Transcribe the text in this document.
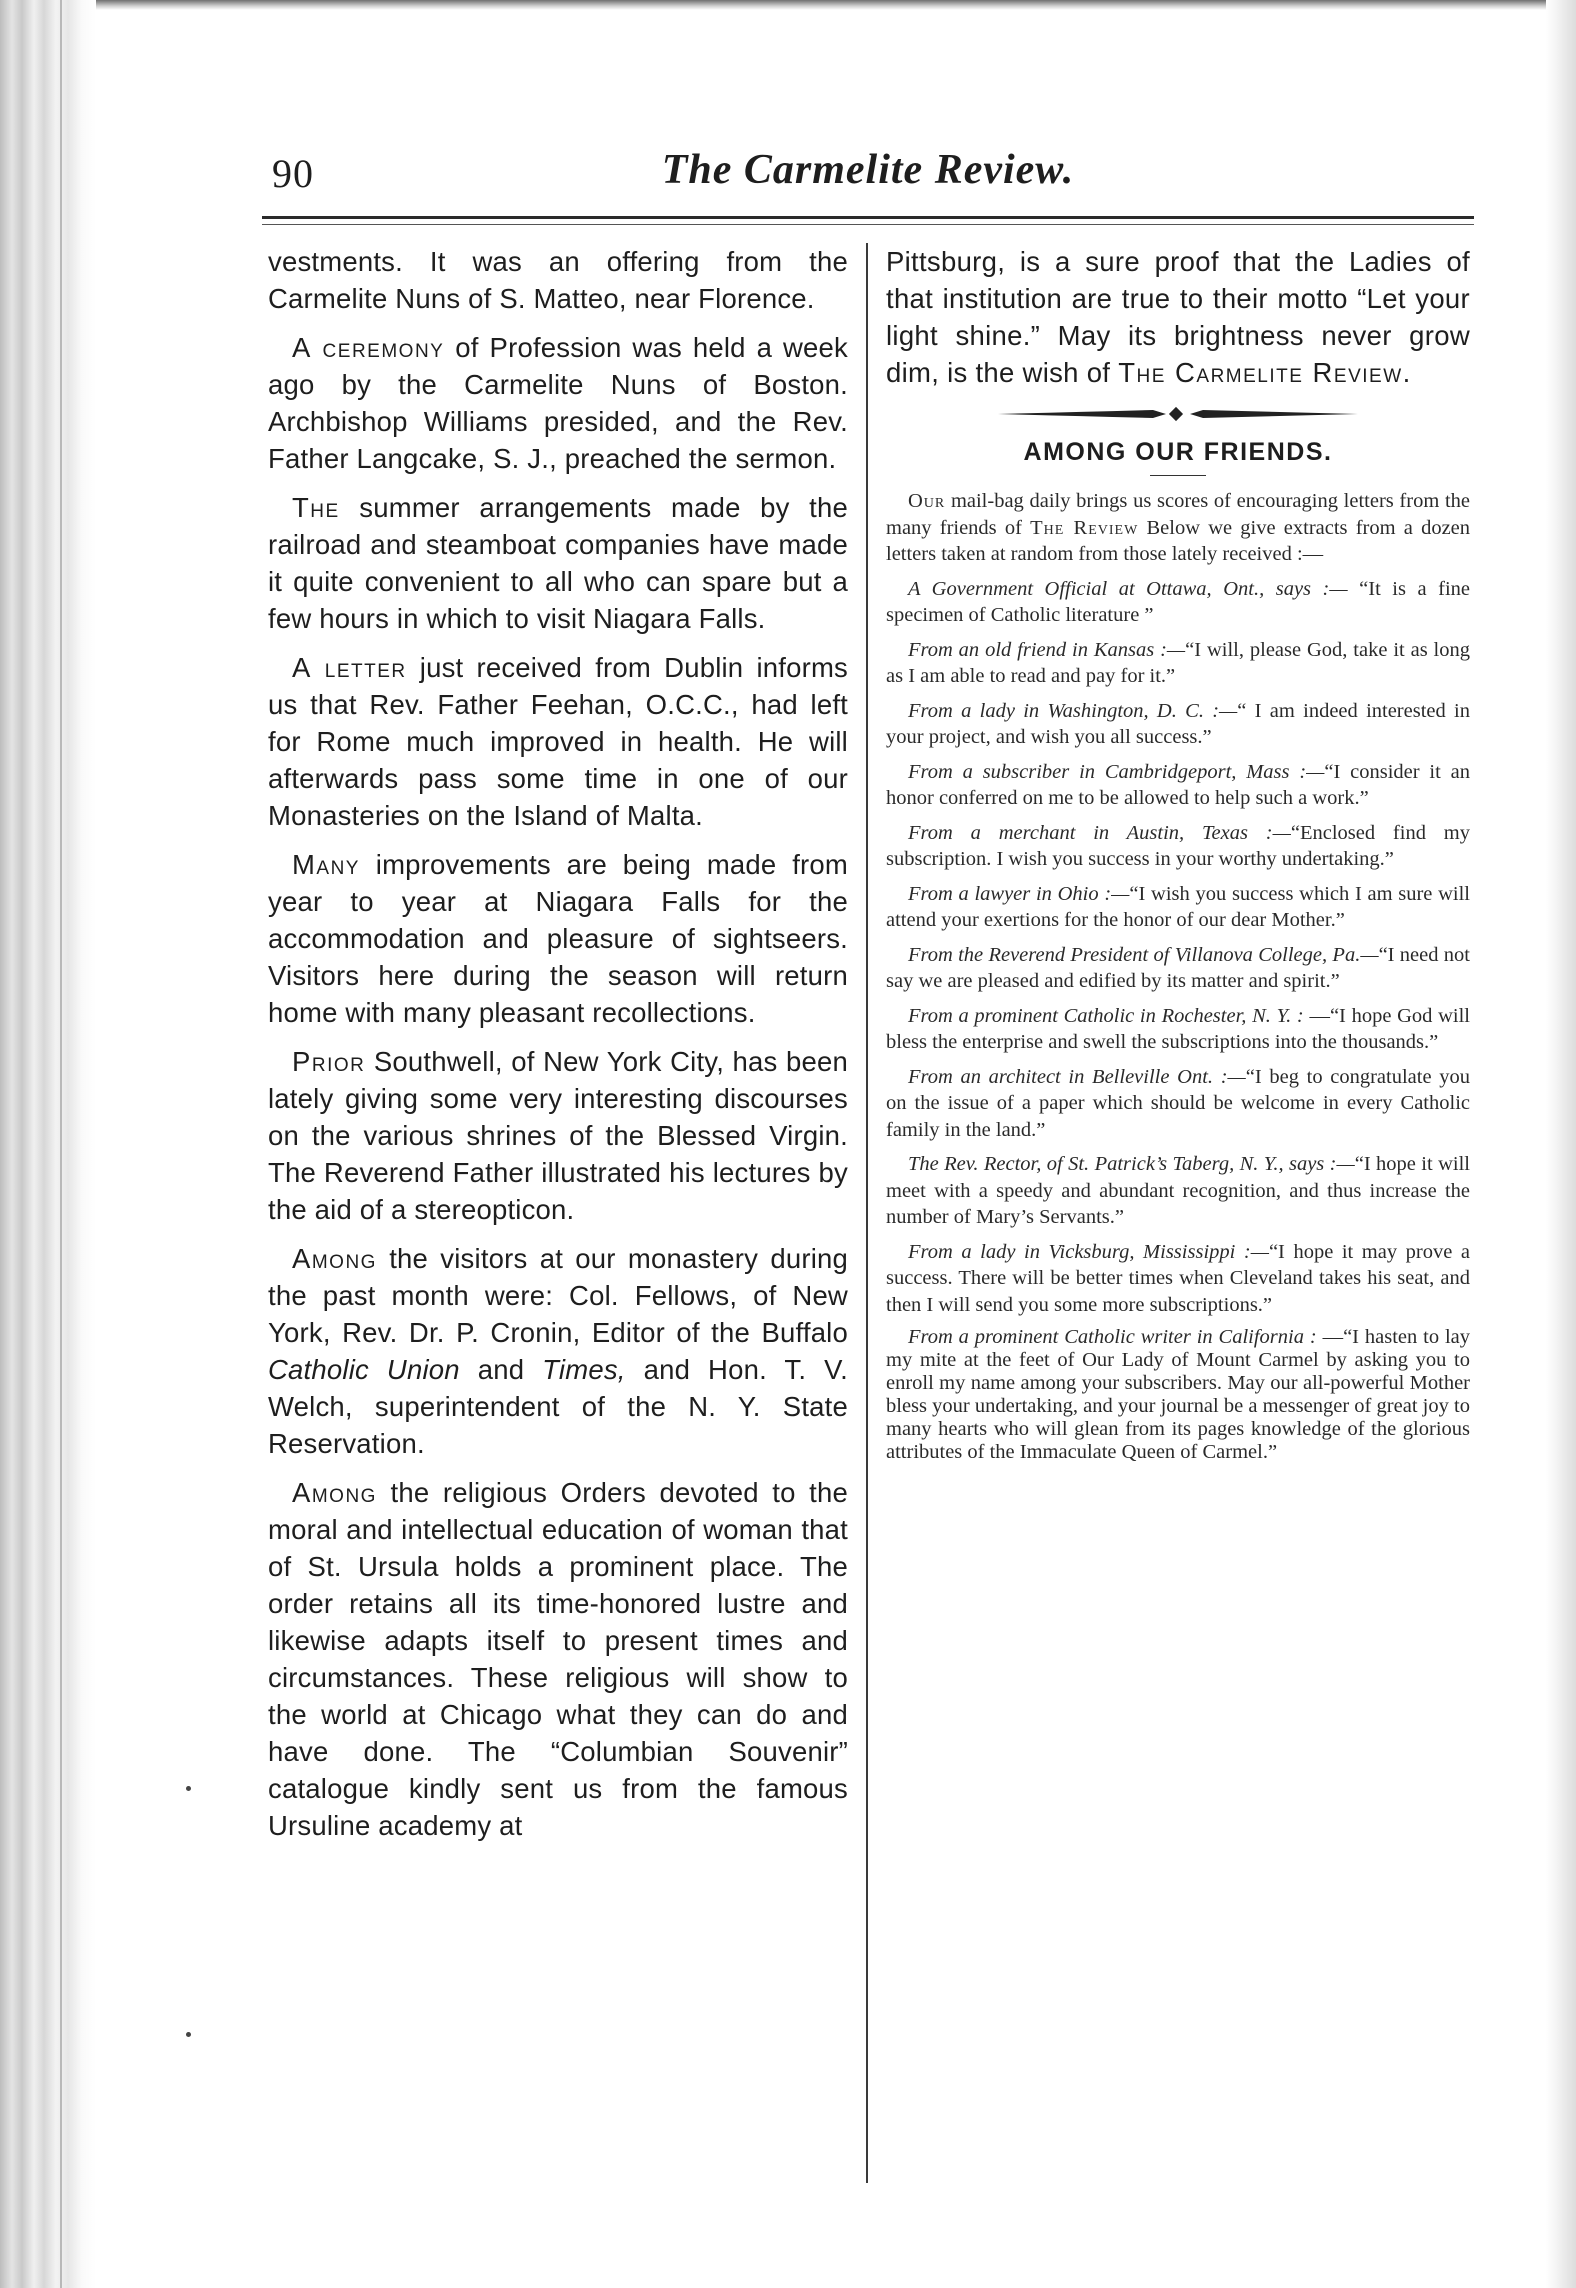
90	The Carmelite Review.

vestments. It was an offering from the Carmelite Nuns of S. Matteo, near Florence.

A ceremony of Profession was held a week ago by the Carmelite Nuns of Boston. Archbishop Williams presided, and the Rev. Father Langcake, S. J., preached the sermon.

The summer arrangements made by the railroad and steamboat companies have made it quite convenient to all who can spare but a few hours in which to visit Niagara Falls.

A letter just received from Dublin informs us that Rev. Father Feehan, O.C.C., had left for Rome much improved in health. He will afterwards pass some time in one of our Monasteries on the Island of Malta.

Many improvements are being made from year to year at Niagara Falls for the accommodation and pleasure of sightseers. Visitors here during the season will return home with many pleasant recollections.

Prior Southwell, of New York City, has been lately giving some very interesting discourses on the various shrines of the Blessed Virgin. The Reverend Father illustrated his lectures by the aid of a stereopticon.

Among the visitors at our monastery during the past month were: Col. Fellows, of New York, Rev. Dr. P. Cronin, Editor of the Buffalo Catholic Union and Times, and Hon. T. V. Welch, superintendent of the N. Y. State Reservation.

Among the religious Orders devoted to the moral and intellectual education of woman that of St. Ursula holds a prominent place. The order retains all its time-honored lustre and likewise adapts itself to present times and circumstances. These religious will show to the world at Chicago what they can do and have done. The “Columbian Souvenir” catalogue kindly sent us from the famous Ursuline academy at

Pittsburg, is a sure proof that the Ladies of that institution are true to their motto “Let your light shine.” May its brightness never grow dim, is the wish of The Carmelite Review.

AMONG OUR FRIENDS.

Our mail-bag daily brings us scores of encouraging letters from the many friends of The Review Below we give extracts from a dozen letters taken at random from those lately received :—

A Government Official at Ottawa, Ont., says :— “It is a fine specimen of Catholic literature ”

From an old friend in Kansas :—“I will, please God, take it as long as I am able to read and pay for it.”

From a lady in Washington, D. C. :—“ I am indeed interested in your project, and wish you all success.”

From a subscriber in Cambridgeport, Mass :—“I consider it an honor conferred on me to be allowed to help such a work.”

From a merchant in Austin, Texas :—“Enclosed find my subscription. I wish you success in your worthy undertaking.”

From a lawyer in Ohio :—“I wish you success which I am sure will attend your exertions for the honor of our dear Mother.”

From the Reverend President of Villanova College, Pa.—“I need not say we are pleased and edified by its matter and spirit.”

From a prominent Catholic in Rochester, N. Y. : —“I hope God will bless the enterprise and swell the subscriptions into the thousands.”

From an architect in Belleville Ont. :—“I beg to congratulate you on the issue of a paper which should be welcome in every Catholic family in the land.”

The Rev. Rector, of St. Patrick’s Taberg, N. Y., says :—“I hope it will meet with a speedy and abundant recognition, and thus increase the number of Mary’s Servants.”

From a lady in Vicksburg, Mississippi :—“I hope it may prove a success. There will be better times when Cleveland takes his seat, and then I will send you some more subscriptions.”

From a prominent Catholic writer in California : —“I hasten to lay my mite at the feet of Our Lady of Mount Carmel by asking you to enroll my name among your subscribers. May our all-powerful Mother bless your undertaking, and your journal be a messenger of great joy to many hearts who will glean from its pages knowledge of the glorious attributes of the Immaculate Queen of Carmel.”
